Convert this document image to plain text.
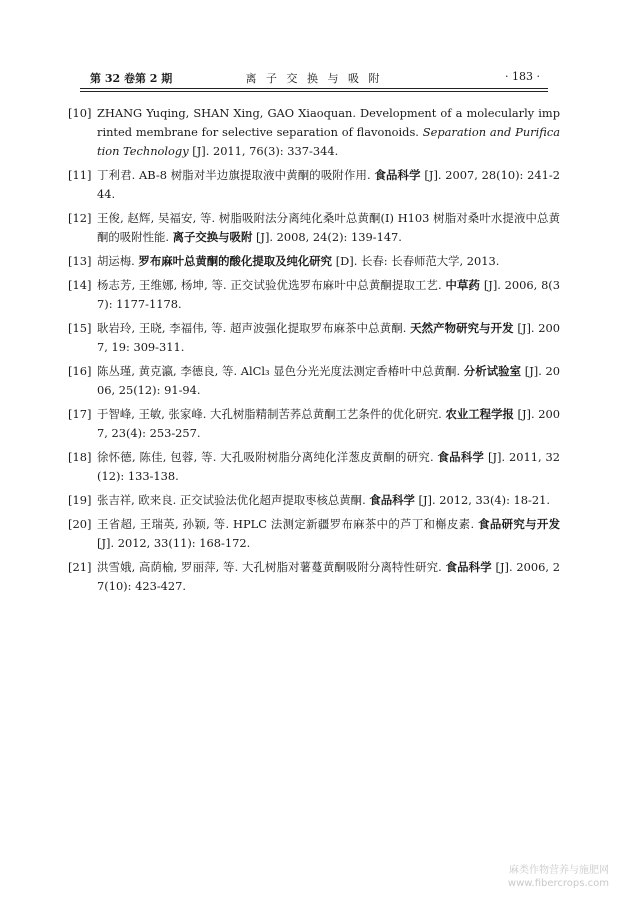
第 32 卷第 2 期	离 子 交 换 与 吸 附	· 183 ·
[10] ZHANG Yuqing, SHAN Xing, GAO Xiaoquan. Development of a molecularly imprinted membrane for selective separation of flavonoids. Separation and Purification Technology [J]. 2011, 76(3): 337-344.
[11] 丁利君. AB-8 树脂对半边旗提取液中黄酮的吸附作用. 食品科学 [J]. 2007, 28(10): 241-244.
[12] 王俊, 赵辉, 吴福安, 等. 树脂吸附法分离纯化桑叶总黄酮(I) H103 树脂对桑叶水提液中总黄酮的吸附性能. 离子交换与吸附 [J]. 2008, 24(2): 139-147.
[13] 胡运梅. 罗布麻叶总黄酮的酸化提取及纯化研究 [D]. 长春: 长春师范大学, 2013.
[14] 杨志芳, 王维娜, 杨坤, 等. 正交试验优选罗布麻叶中总黄酮提取工艺. 中草药 [J]. 2006, 8(37): 1177-1178.
[15] 耿岩玲, 王晓, 李福伟, 等. 超声波强化提取罗布麻茶中总黄酮. 天然产物研究与开发 [J]. 2007, 19: 309-311.
[16] 陈丛瑾, 黄克瀛, 李德良, 等. AlCl₃ 显色分光光度法测定香椿叶中总黄酮. 分析试验室 [J]. 2006, 25(12): 91-94.
[17] 于智峰, 王敏, 张家峰. 大孔树脂精制苦荞总黄酮工艺条件的优化研究. 农业工程学报 [J]. 2007, 23(4): 253-257.
[18] 徐怀德, 陈佳, 包蓉, 等. 大孔吸附树脂分离纯化洋葱皮黄酮的研究. 食品科学 [J]. 2011, 32(12): 133-138.
[19] 张吉祥, 欧来良. 正交试验法优化超声提取枣核总黄酮. 食品科学 [J]. 2012, 33(4): 18-21.
[20] 王省超, 王瑞英, 孙颖, 等. HPLC 法测定新疆罗布麻茶中的芦丁和槲皮素. 食品研究与开发 [J]. 2012, 33(11): 168-172.
[21] 洪雪娥, 高荫榆, 罗丽萍, 等. 大孔树脂对薯蔓黄酮吸附分离特性研究. 食品科学 [J]. 2006, 27(10): 423-427.
麻类作物营养与施肥网
www.fibercrops.com
